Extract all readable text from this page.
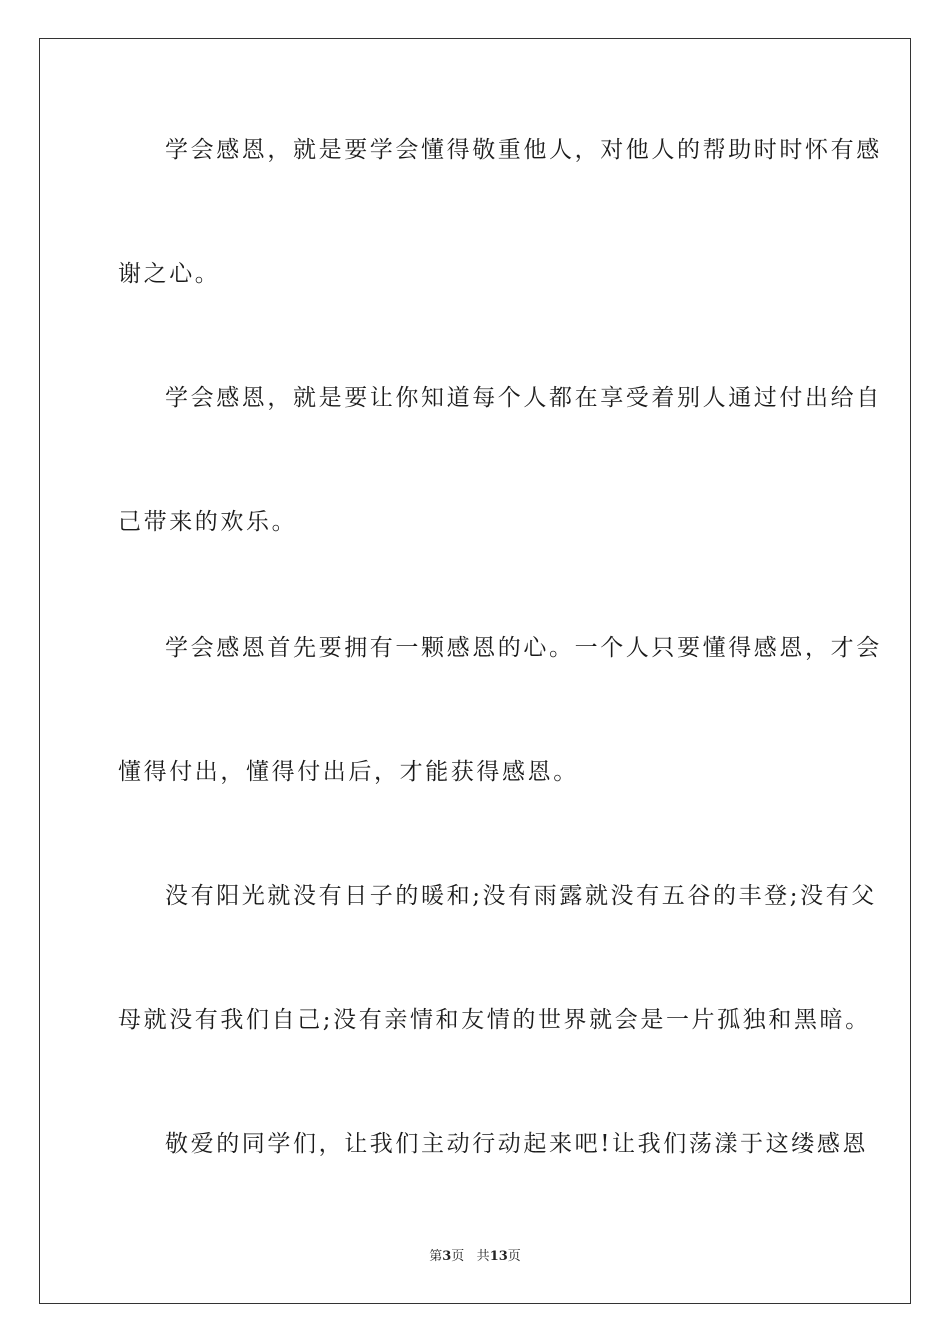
学会感恩，就是要学会懂得敬重他人，对他人的帮助时时怀有感
谢之心。
学会感恩，就是要让你知道每个人都在享受着别人通过付出给自
己带来的欢乐。
学会感恩首先要拥有一颗感恩的心。一个人只要懂得感恩，才会
懂得付出，懂得付出后，才能获得感恩。
没有阳光就没有日子的暖和;没有雨露就没有五谷的丰登;没有父
母就没有我们自己;没有亲情和友情的世界就会是一片孤独和黑暗。
敬爱的同学们，让我们主动行动起来吧!让我们荡漾于这缕感恩
第3页 共13页
